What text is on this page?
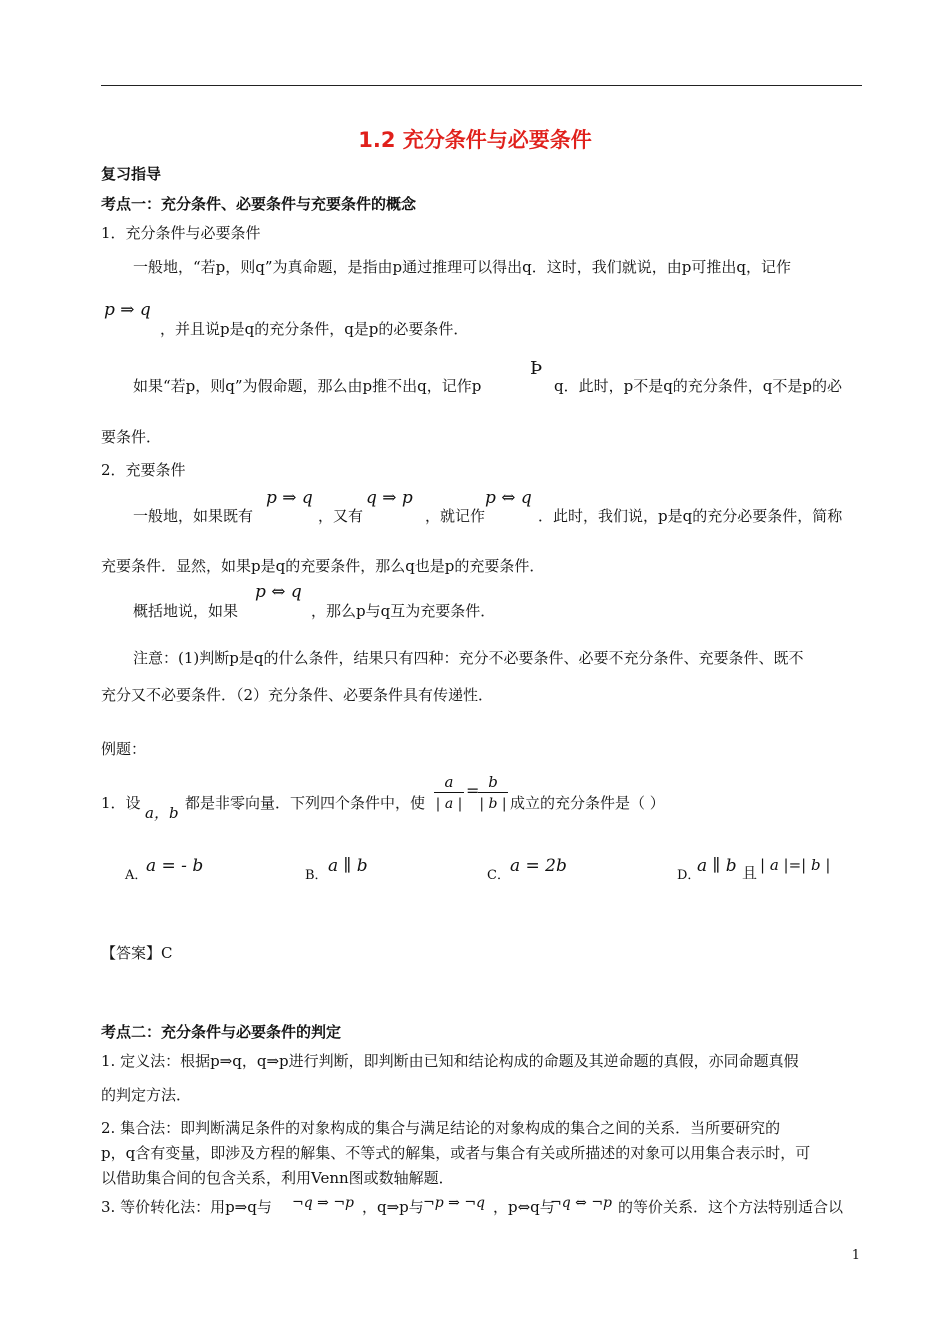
1.2 充分条件与必要条件
复习指导
考点一：充分条件、必要条件与充要条件的概念
1．充分条件与必要条件
一般地，“若p，则q”为真命题，是指由p通过推理可以得出q．这时，我们就说，由p可推出q，记作
p ⇒ q
，并且说p是q的充分条件，q是p的必要条件．
如果“若p，则q”为假命题，那么由p推不出q，记作p
Þ
q．此时，p不是q的充分条件，q不是p的必
要条件．
2．充要条件
一般地，如果既有
p ⇒ q
，又有
q ⇒ p
，就记作
p ⇔ q
．此时，我们说，p是q的充分必要条件，简称
充要条件．显然，如果p是q的充要条件，那么q也是p的充要条件．
概括地说，如果
p ⇔ q
，那么p与q互为充要条件．
注意：(1)判断p是q的什么条件，结果只有四种：充分不必要条件、必要不充分条件、充要条件、既不
充分又不必要条件．（2）充分条件、必要条件具有传递性．
例题：
1．设
a，b
都是非零向量．下列四个条件中，使 $\frac{a}{| a |}$ =
$\frac{b}{| b |}$ 成立的充分条件是（ ）
A．
a = - b	B． a ∥ b	C． a = 2b	D．
a ∥ b 且 | a |=| b |
【答案】C
考点二：充分条件与必要条件的判定
1. 定义法：根据p⇒q，q⇒p进行判断，即判断由已知和结论构成的命题及其逆命题的真假，亦同命题真假
的判定方法．
2. 集合法：即判断满足条件的对象构成的集合与满足结论的对象构成的集合之间的关系．当所要研究的
p，q含有变量，即涉及方程的解集、不等式的解集，或者与集合有关或所描述的对象可以用集合表示时，可
以借助集合间的包含关系，利用Venn图或数轴解题．
3. 等价转化法：用p⇒q与 ¬q ⇒ ¬p ，q⇒p与 ¬p ⇒ ¬q ，p⇔q与
¬q ⇔ ¬p 的等价关系．这个方法特别适合以
1
